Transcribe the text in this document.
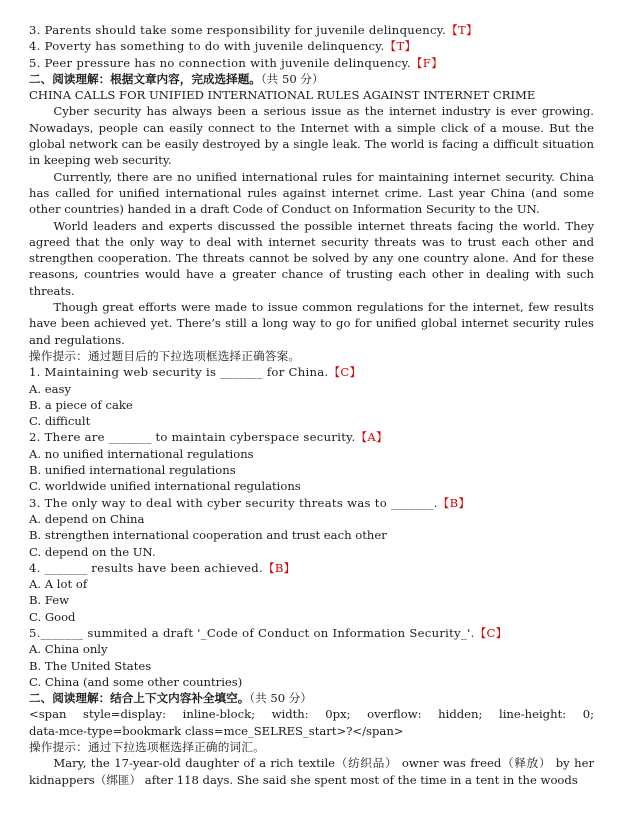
3. Parents should take some responsibility for juvenile delinquency.【T】
4. Poverty has something to do with juvenile delinquency.【T】
5. Peer pressure has no connection with juvenile delinquency.【F】
二、阅读理解：根据文章内容，完成选择题。（共 50 分）
CHINA CALLS FOR UNIFIED INTERNATIONAL RULES AGAINST INTERNET CRIME
Cyber security has always been a serious issue as the internet industry is ever growing. Nowadays, people can easily connect to the Internet with a simple click of a mouse. But the global network can be easily destroyed by a single leak. The world is facing a difficult situation in keeping web security.
Currently, there are no unified international rules for maintaining internet security. China has called for unified international rules against internet crime. Last year China (and some other countries) handed in a draft Code of Conduct on Information Security to the UN.
World leaders and experts discussed the possible internet threats facing the world. They agreed that the only way to deal with internet security threats was to trust each other and strengthen cooperation. The threats cannot be solved by any one country alone. And for these reasons, countries would have a greater chance of trusting each other in dealing with such threats.
Though great efforts were made to issue common regulations for the internet, few results have been achieved yet. There’s still a long way to go for unified global internet security rules and regulations.
操作提示：通过题目后的下拉选项框选择正确答案。
1. Maintaining web security is _______ for China.【C】
A. easy
B. a piece of cake
C. difficult
2. There are _______ to maintain cyberspace security.【A】
A. no unified international regulations
B. unified international regulations
C. worldwide unified international regulations
3. The only way to deal with cyber security threats was to _______.【B】
A. depend on China
B. strengthen international cooperation and trust each other
C. depend on the UN.
4. _______ results have been achieved.【B】
A. A lot of
B. Few
C. Good
5._______ summited a draft '_Code of Conduct on Information Security_'.【C】
A. China only
B. The United States
C. China (and some other countries)
二、阅读理解：结合上下文内容补全填空。（共 50 分）
<span style=display: inline-block; width: 0px; overflow: hidden; line-height: 0;
data-mce-type=bookmark class=mce_SELRES_start>?</span>
操作提示：通过下拉选项框选择正确的词汇。
Mary, the 17-year-old daughter of a rich textile（纺织品） owner was freed（释放） by her kidnappers（绑匪） after 118 days. She said she spent most of the time in a tent in the woods
